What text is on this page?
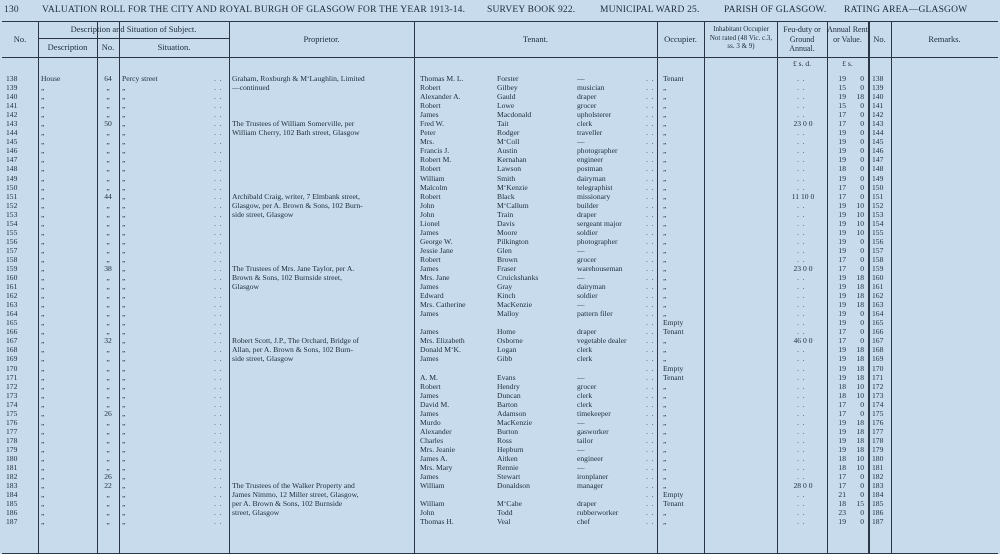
130 VALUATION ROLL FOR THE CITY AND ROYAL BURGH OF GLASGOW FOR THE YEAR 1913-14. SURVEY BOOK 922.	MUNICIPAL WARD 25.	PARISH OF GLASGOW. RATING AREA—GLASGOW
No.
Description and Situation of Subject.
Description	No.	Situation.
Proprietor.	Tenant.	Occupier.
Inhabitant Occupier Not rated (48 Vic. c.3, ss. 3 & 9)
Feu-duty or Ground Annual.
£ s. d.
Annual Rent or Value.
£ s.
No.	Remarks.
138	House	64	Percy street	. . Graham, Roxburgh & M‘Laughlin, Limited	Thomas M. L.	Forster	—	. . Tenant	. .	19	0 138
139	„	„	„	. . —continued	Robert	Gilbey	musician	. . „	. .	15	0 139
140	„	„	„	. .	Alexander A.	Gauld	draper	. . „	. .	19	18 140
141	„	„	„	. .	Robert	Lowe	grocer	. . „	. .	15	0 141
142	„	„	„	. .	James	Macdonald	upholsterer	. . „	. .	17	0 142
143	„	50	„	. . The Trustees of William Somerville, per	Fred W.	Tait	clerk	. . „	23 0 0	17	0 143
144	„	„	„	. . William Cherry, 102 Bath street, Glasgow	Peter	Rodger	traveller	. . „	. .	19	0 144
145	„	„	„	. .	Mrs.	M‘Coll	—	. . „	. .	19	0 145
146	„	„	„	. .	Francis J.	Austin	photographer	. . „	. .	19	0 146
147	„	„	„	. .	Robert M.	Kernahan	engineer	. . „	. .	19	0 147
148	„	„	„	. .	Robert	Lawson	postman	. . „	. .	18	0 148
149	„	„	„	. .	William	Smith	dairyman	. . „	. .	19	0 149
150	„	„	„	. .	Malcolm	M‘Kenzie	telegraphist	. . „	. .	17	0 150
151	„	44	„	. . Archibald Craig, writer, 7 Elmbank street,	Robert	Black	missionary	. . „	11 10 0	17	0 151
152	„	„	„	. . Glasgow, per A. Brown & Sons, 102 Burn-	John	M‘Callum	builder	. . „	. .	19	10 152
153	„	„	„	. . side street, Glasgow	John	Train	draper	. . „	. .	19	10 153
154	„	„	„	. .	Lionel	Davis	sergeant major	. . „	. .	19	10 154
155	„	„	„	. .	James	Moore	soldier	. . „	. .	19	10 155
156	„	„	„	. .	George W.	Pilkington	photographer	. . „	. .	19	0 156
157	„	„	„	. .	Jessie Jane	Glen	—	. . „	. .	19	0 157
158	„	„	„	. .	Robert	Brown	grocer	. . „	. .	17	0 158
159	„	38	„	. . The Trustees of Mrs. Jane Taylor, per A.	James	Fraser	warehouseman	. . „	23 0 0	17	0 159
160	„	„	„	. . Brown & Sons, 102 Burnside street,	Mrs. Jane	Cruickshanks	—	. . „	. .	19	18 160
161	„	„	„	. . Glasgow	James	Gray	dairyman	. . „	. .	19	18 161
162	„	„	„	. .	Edward	Kinch	soldier	. . „	. .	19	18 162
163	„	„	„	. .	Mrs. Catherine	MacKenzie	—	. . „	. .	19	18 163
164	„	„	„	. .	James	Malloy	pattern filer	. . „	. .	19	0 164
165	„	„	„	. .	. . Empty	. .	19	0 165
166	„	„	„	. .	James	Home	draper	. . Tenant	. .	17	0 166
167	„	32	„	. . Robert Scott, J.P., The Orchard, Bridge of	Mrs. Elizabeth	Osborne	vegetable dealer	. . „	46 0 0	17	0 167
168	„	„	„	. . Allan, per A. Brown & Sons, 102 Burn-	Donald M‘K.	Logan	clerk	. . „	. .	19	18 168
169	„	„	„	. . side street, Glasgow	James	Gibb	clerk	. . „	. .	19	18 169
170	„	„	„	. .	. . Empty	. .	19	18 170
171	„	„	„	. .	A. M.	Evans	—	. . Tenant	. .	19	18 171
172	„	„	„	. .	Robert	Hendry	grocer	. . „	. .	18	10 172
173	„	„	„	. .	James	Duncan	clerk	. . „	. .	18	10 173
174	„	„	„	. .	David M.	Barton	clerk	. . „	. .	17	0 174
175	„	26	„	. .	James	Adamson	timekeeper	. . „	. .	17	0 175
176	„	„	„	. .	Murdo	MacKenzie	—	. . „	. .	19	18 176
177	„	„	„	. .	Alexander	Burton	gasworker	. . „	. .	19	18 177
178	„	„	„	. .	Charles	Ross	tailor	. . „	. .	19	18 178
179	„	„	„	. .	Mrs. Jeanie	Hepburn	—	. . „	. .	19	18 179
180	„	„	„	. .	James A.	Aitken	engineer	. . „	. .	18	10 180
181	„	„	„	. .	Mrs. Mary	Rennie	—	. . „	. .	18	10 181
182	„	26	„	. .	James	Stewart	ironplaner	. . „	. .	17	0 182
183	„	22	„	. . The Trustees of the Walker Property and	William	Donaldson	manager	. . „	28 0 0	17	0 183
184	„	„	„	. . James Nimmo, 12 Miller street, Glasgow,	. . Empty	. .	21	0 184
185	„	„	„	. . per A. Brown & Sons, 102 Burnside	William	M‘Cabe	draper	. . Tenant	. .	18	15 185
186	„	„	„	. . street, Glasgow	John	Todd	rubberworker	. . „	. .	23	0 186
187	„	„	„	. .	Thomas H.	Veal	chef	. . „	. .	19	0 187
